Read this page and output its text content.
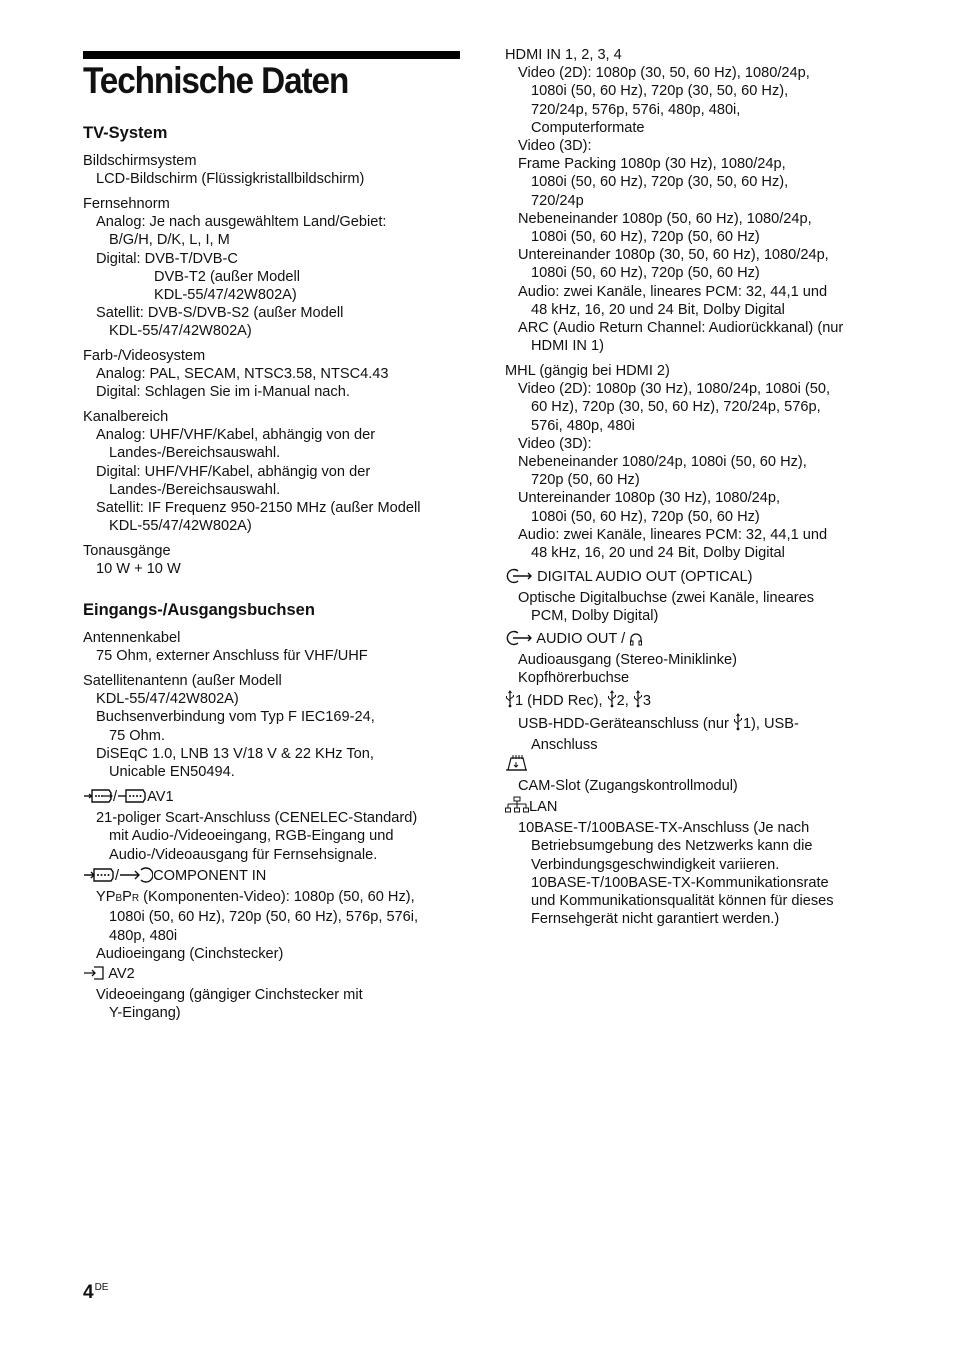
Technische Daten
TV-System
Bildschirmsystem
LCD-Bildschirm (Flüssigkristallbildschirm)
Fernsehnorm
Analog: Je nach ausgewähltem Land/Gebiet:
B/G/H, D/K, L, I, M
Digital: DVB-T/DVB-C
DVB-T2 (außer Modell
KDL-55/47/42W802A)
Satellit: DVB-S/DVB-S2 (außer Modell
KDL-55/47/42W802A)
Farb-/Videosystem
Analog: PAL, SECAM, NTSC3.58, NTSC4.43
Digital: Schlagen Sie im i-Manual nach.
Kanalbereich
Analog: UHF/VHF/Kabel, abhängig von der
Landes-/Bereichsauswahl.
Digital: UHF/VHF/Kabel, abhängig von der
Landes-/Bereichsauswahl.
Satellit: IF Frequenz 950-2150 MHz (außer Modell
KDL-55/47/42W802A)
Tonausgänge
10 W + 10 W
Eingangs-/Ausgangsbuchsen
Antennenkabel
75 Ohm, externer Anschluss für VHF/UHF
Satellitenantenn (außer Modell
KDL-55/47/42W802A)
Buchsenverbindung vom Typ F IEC169-24,
75 Ohm.
DiSEqC 1.0, LNB 13 V/18 V & 22 KHz Ton,
Unicable EN50494.
/ AV1
21-poliger Scart-Anschluss (CENELEC-Standard)
mit Audio-/Videoeingang, RGB-Eingang und
Audio-/Videoausgang für Fernsehsignale.
/ COMPONENT IN
YPBPR (Komponenten-Video): 1080p (50, 60 Hz),
1080i (50, 60 Hz), 720p (50, 60 Hz), 576p, 576i,
480p, 480i
Audioeingang (Cinchstecker)
AV2
Videoeingang (gängiger Cinchstecker mit
Y-Eingang)
HDMI IN 1, 2, 3, 4
Video (2D): 1080p (30, 50, 60 Hz), 1080/24p,
1080i (50, 60 Hz), 720p (30, 50, 60 Hz),
720/24p, 576p, 576i, 480p, 480i,
Computerformate
Video (3D):
Frame Packing 1080p (30 Hz), 1080/24p,
1080i (50, 60 Hz), 720p (30, 50, 60 Hz),
720/24p
Nebeneinander 1080p (50, 60 Hz), 1080/24p,
1080i (50, 60 Hz), 720p (50, 60 Hz)
Untereinander 1080p (30, 50, 60 Hz), 1080/24p,
1080i (50, 60 Hz), 720p (50, 60 Hz)
Audio: zwei Kanäle, lineares PCM: 32, 44,1 und
48 kHz, 16, 20 und 24 Bit, Dolby Digital
ARC (Audio Return Channel: Audiorückkanal) (nur
HDMI IN 1)
MHL (gängig bei HDMI 2)
Video (2D): 1080p (30 Hz), 1080/24p, 1080i (50,
60 Hz), 720p (30, 50, 60 Hz), 720/24p, 576p,
576i, 480p, 480i
Video (3D):
Nebeneinander 1080/24p, 1080i (50, 60 Hz),
720p (50, 60 Hz)
Untereinander 1080p (30 Hz), 1080/24p,
1080i (50, 60 Hz), 720p (50, 60 Hz)
Audio: zwei Kanäle, lineares PCM: 32, 44,1 und
48 kHz, 16, 20 und 24 Bit, Dolby Digital
DIGITAL AUDIO OUT (OPTICAL)
Optische Digitalbuchse (zwei Kanäle, lineares
PCM, Dolby Digital)
AUDIO OUT /
Audioausgang (Stereo-Miniklinke)
Kopfhörerbuchse
1 (HDD Rec), 2, 3
USB-HDD-Geräteanschluss (nur 1), USB-
Anschluss
CAM-Slot (Zugangskontrollmodul)
LAN
10BASE-T/100BASE-TX-Anschluss (Je nach
Betriebsumgebung des Netzwerks kann die
Verbindungsgeschwindigkeit variieren.
10BASE-T/100BASE-TX-Kommunikationsrate
und Kommunikationsqualität können für dieses
Fernsehgerät nicht garantiert werden.)
4DE
